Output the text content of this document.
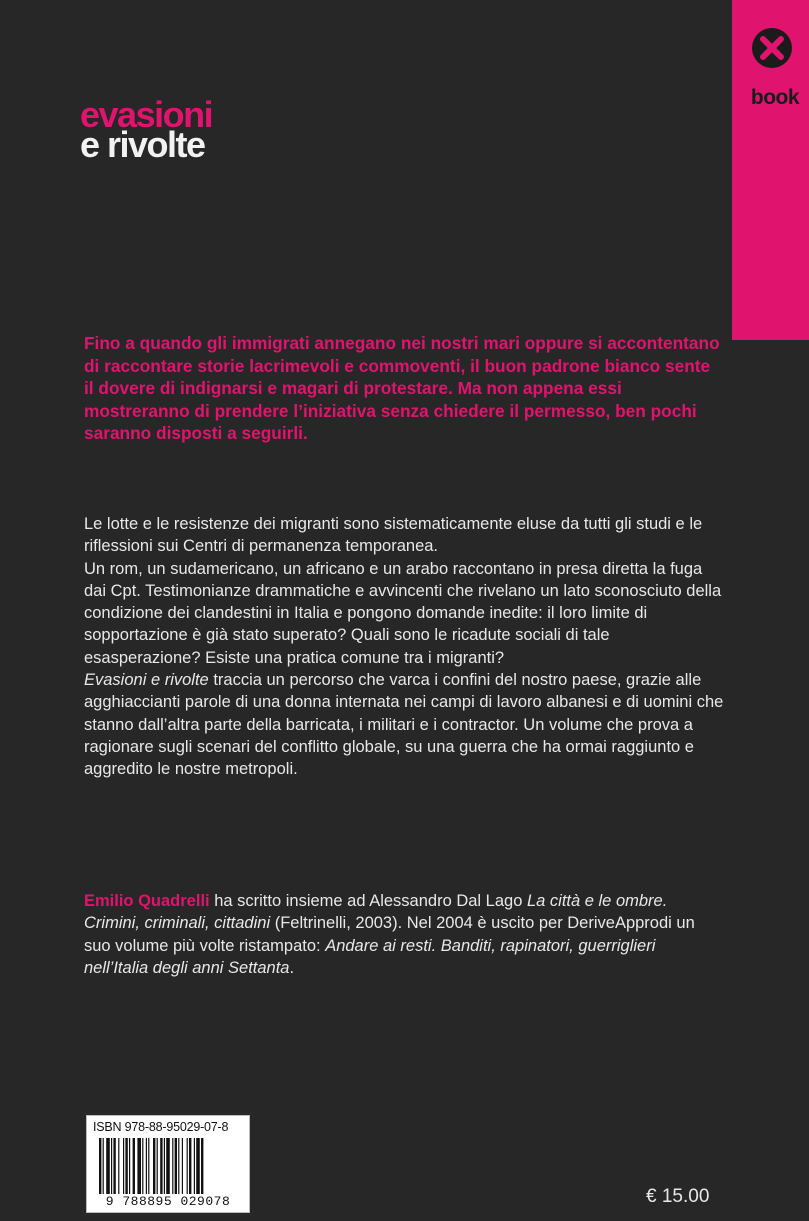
book
evasioni
e rivolte

Fino a quando gli immigrati annegano nei nostri mari oppure si accontentano di raccontare storie lacrimevoli e commoventi, il buon padrone bianco sente il dovere di indignarsi e magari di protestare. Ma non appena essi mostreranno di prendere l’iniziativa senza chiedere il permesso, ben pochi saranno disposti a seguirli.

Le lotte e le resistenze dei migranti sono sistematicamente eluse da tutti gli studi e le riflessioni sui Centri di permanenza temporanea.

Un rom, un sudamericano, un africano e un arabo raccontano in presa diretta la fuga dai Cpt. Testimonianze drammatiche e avvincenti che rivelano un lato sconosciuto della condizione dei clandestini in Italia e pongono domande inedite: il loro limite di sopportazione è già stato superato? Quali sono le ricadute sociali di tale esasperazione? Esiste una pratica comune tra i migranti?

Evasioni e rivolte traccia un percorso che varca i confini del nostro paese, grazie alle agghiaccianti parole di una donna internata nei campi di lavoro albanesi e di uomini che stanno dall’altra parte della barricata, i militari e i contractor. Un volume che prova a ragionare sugli scenari del conflitto globale, su una guerra che ha ormai raggiunto e aggredito le nostre metropoli.

Emilio Quadrelli ha scritto insieme ad Alessandro Dal Lago La città e le ombre. Crimini, criminali, cittadini (Feltrinelli, 2003). Nel 2004 è uscito per DeriveApprodi un suo volume più volte ristampato: Andare ai resti. Banditi, rapinatori, guerriglieri nell’Italia degli anni Settanta.

ISBN 978-88-95029-07-8
9 788895 029078	€ 15.00
